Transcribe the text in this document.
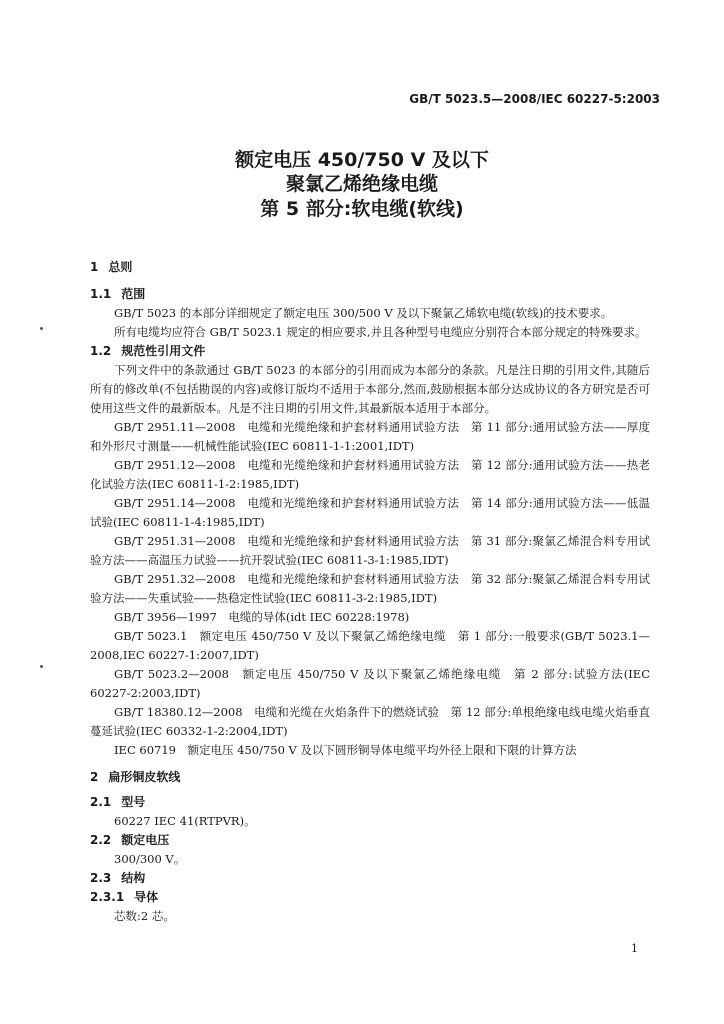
GB/T 5023.5—2008/IEC 60227-5:2003
额定电压 450/750 V 及以下
聚氯乙烯绝缘电缆
第 5 部分:软电缆(软线)
1 总则
1.1 范围
GB/T 5023 的本部分详细规定了额定电压 300/500 V 及以下聚氯乙烯软电缆(软线)的技术要求。
所有电缆均应符合 GB/T 5023.1 规定的相应要求,并且各种型号电缆应分别符合本部分规定的特殊要求。
1.2 规范性引用文件
下列文件中的条款通过 GB/T 5023 的本部分的引用而成为本部分的条款。凡是注日期的引用文件,其随后所有的修改单(不包括勘误的内容)或修订版均不适用于本部分,然而,鼓励根据本部分达成协议的各方研究是否可使用这些文件的最新版本。凡是不注日期的引用文件,其最新版本适用于本部分。
GB/T 2951.11—2008　电缆和光缆绝缘和护套材料通用试验方法　第 11 部分:通用试验方法——厚度和外形尺寸测量——机械性能试验(IEC 60811-1-1:2001,IDT)
GB/T 2951.12—2008　电缆和光缆绝缘和护套材料通用试验方法　第 12 部分:通用试验方法——热老化试验方法(IEC 60811-1-2:1985,IDT)
GB/T 2951.14—2008　电缆和光缆绝缘和护套材料通用试验方法　第 14 部分:通用试验方法——低温试验(IEC 60811-1-4:1985,IDT)
GB/T 2951.31—2008　电缆和光缆绝缘和护套材料通用试验方法　第 31 部分:聚氯乙烯混合料专用试验方法——高温压力试验——抗开裂试验(IEC 60811-3-1:1985,IDT)
GB/T 2951.32—2008　电缆和光缆绝缘和护套材料通用试验方法　第 32 部分:聚氯乙烯混合料专用试验方法——失重试验——热稳定性试验(IEC 60811-3-2:1985,IDT)
GB/T 3956—1997　电缆的导体(idt IEC 60228:1978)
GB/T 5023.1　额定电压 450/750 V 及以下聚氯乙烯绝缘电缆　第 1 部分:一般要求(GB/T 5023.1—2008,IEC 60227-1:2007,IDT)
GB/T 5023.2—2008　额定电压 450/750 V 及以下聚氯乙烯绝缘电缆　第 2 部分:试验方法(IEC 60227-2:2003,IDT)
GB/T 18380.12—2008　电缆和光缆在火焰条件下的燃烧试验　第 12 部分:单根绝缘电线电缆火焰垂直蔓延试验(IEC 60332-1-2:2004,IDT)
IEC 60719　额定电压 450/750 V 及以下圆形铜导体电缆平均外径上限和下限的计算方法
2 扁形铜皮软线
2.1 型号
60227 IEC 41(RTPVR)。
2.2 额定电压
300/300 V。
2.3 结构
2.3.1 导体
芯数:2 芯。
1
